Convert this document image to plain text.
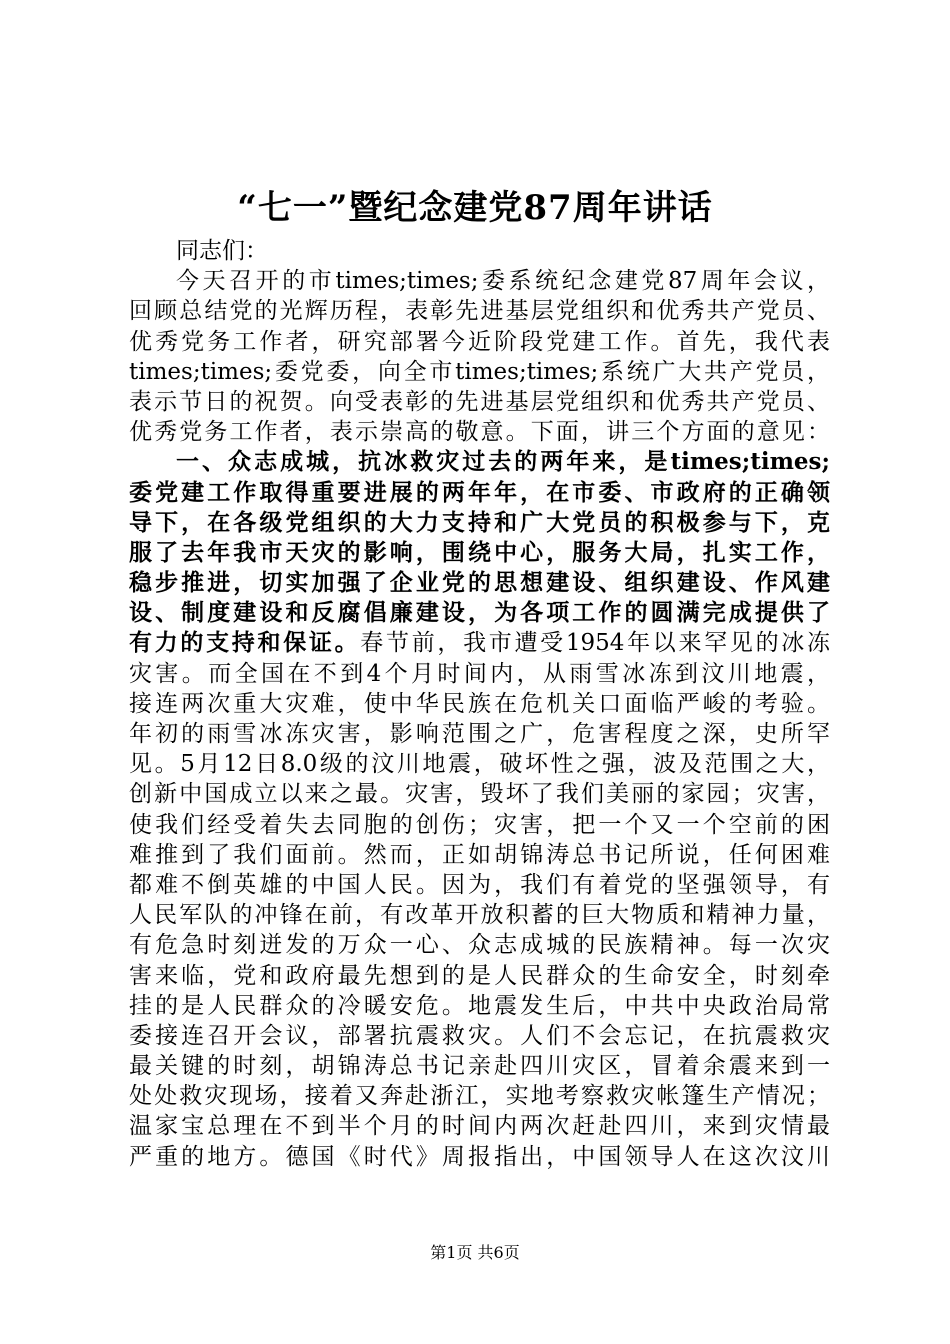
“七一”暨纪念建党87周年讲话
同志们：
今天召开的市times;times;委系统纪念建党87周年会议，
回顾总结党的光辉历程，表彰先进基层党组织和优秀共产党员、
优秀党务工作者，研究部署今近阶段党建工作。首先，我代表
times;times;委党委，向全市times;times;系统广大共产党员，
表示节日的祝贺。向受表彰的先进基层党组织和优秀共产党员、
优秀党务工作者，表示崇高的敬意。下面，讲三个方面的意见：
一、众志成城，抗冰救灾过去的两年来，是times;times;
委党建工作取得重要进展的两年年，在市委、市政府的正确领
导下，在各级党组织的大力支持和广大党员的积极参与下，克
服了去年我市天灾的影响，围绕中心，服务大局，扎实工作，
稳步推进，切实加强了企业党的思想建设、组织建设、作风建
设、制度建设和反腐倡廉建设，为各项工作的圆满完成提供了
有力的支持和保证。春节前，我市遭受1954年以来罕见的冰冻
灾害。而全国在不到4个月时间内，从雨雪冰冻到汶川地震，
接连两次重大灾难，使中华民族在危机关口面临严峻的考验。
年初的雨雪冰冻灾害，影响范围之广，危害程度之深，史所罕
见。5月12日8.0级的汶川地震，破坏性之强，波及范围之大，
创新中国成立以来之最。灾害，毁坏了我们美丽的家园；灾害，
使我们经受着失去同胞的创伤；灾害，把一个又一个空前的困
难推到了我们面前。然而，正如胡锦涛总书记所说，任何困难
都难不倒英雄的中国人民。因为，我们有着党的坚强领导，有
人民军队的冲锋在前，有改革开放积蓄的巨大物质和精神力量，
有危急时刻迸发的万众一心、众志成城的民族精神。每一次灾
害来临，党和政府最先想到的是人民群众的生命安全，时刻牵
挂的是人民群众的冷暖安危。地震发生后，中共中央政治局常
委接连召开会议，部署抗震救灾。人们不会忘记，在抗震救灾
最关键的时刻，胡锦涛总书记亲赴四川灾区，冒着余震来到一
处处救灾现场，接着又奔赴浙江，实地考察救灾帐篷生产情况；
温家宝总理在不到半个月的时间内两次赶赴四川，来到灾情最
严重的地方。德国《时代》周报指出，中国领导人在这次汶川
第1页 共6页
